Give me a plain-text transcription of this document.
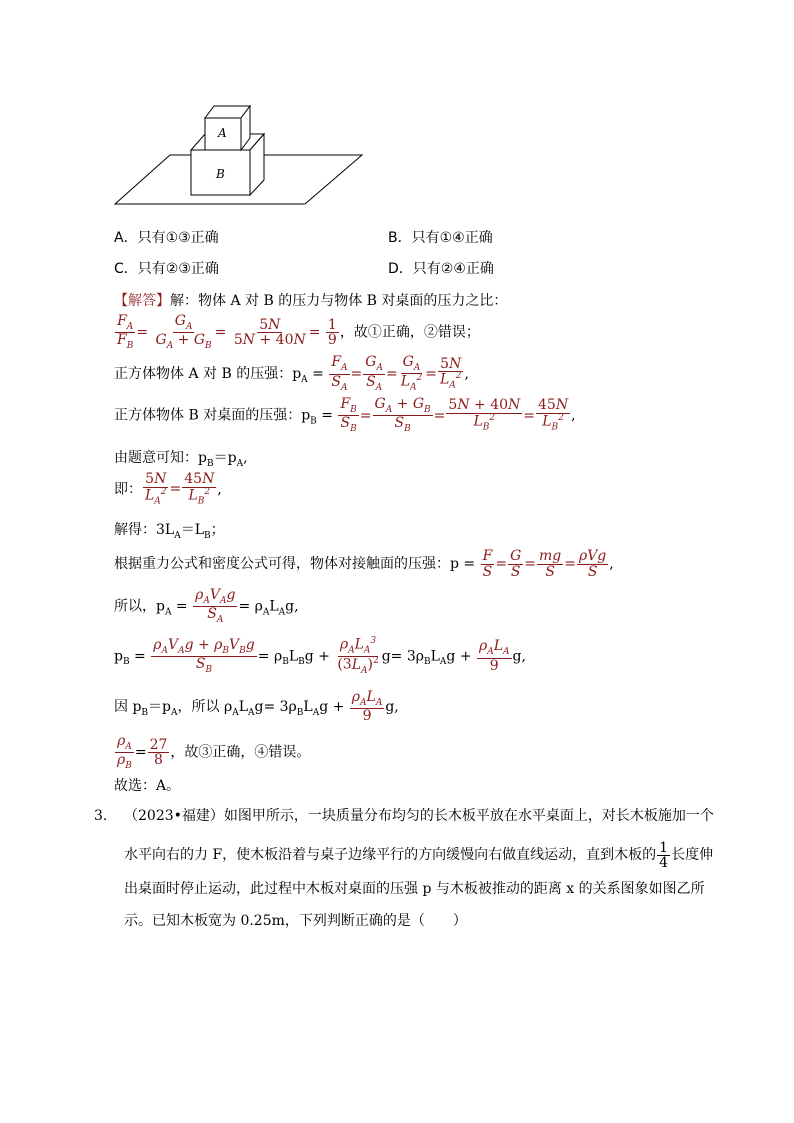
A
B
A．只有①③正确	B．只有①④正确
C．只有②③正确	D．只有②④正确
【解答】解：物体 A 对 B 的压力与物体 B 对桌面的压力之比：
$\frac{F_A}{F_B} = \frac{G_A}{G_A + G_B} = \frac{5N}{5N + 40N} = \frac{1}{9}$ ，故①正确，②错误；
正方体物体 A 对 B 的压强：$p_A = \frac{F_A}{S_A} = \frac{G_A}{S_A} = \frac{G_A}{L_A^2} = \frac{5N}{L_A^2}$ ,
正方体物体 B 对桌面的压强：$p_B = \frac{F_B}{S_B} = \frac{G_A + G_B}{S_B} = \frac{5N + 40N}{L_B^2} = \frac{45N}{L_B^2}$ ,
由题意可知：$p_B=p_A$,
即： $\frac{5N}{L_A^2} = \frac{45N}{L_B^2}$ ,
解得：$3L_A=L_B$；
根据重力公式和密度公式可得，物体对接触面的压强：$p = \frac{F}{S} = \frac{G}{S} = \frac{mg}{S} = \frac{\text{ρVg}}{S}$ ,
所以，$p_A = \frac{\rho_AV_Ag}{S_A} = \rho_AL_Ag$,
$p_B = \frac{\rho_AV_Ag + \rho_BV_Bg}{S_B} = \rho_BL_Bg + \frac{\rho_AL_A^3}{(3L_A)^2} g= 3\rho_BL_Ag + \frac{\rho_AL_A}{9} g$,
因 $p_B=p_A$，所以 $\rho_AL_Ag= 3\rho_BL_Ag + \frac{\rho_AL_A}{9} g$,
$\frac{\rho_A}{\rho_B} = \frac{27}{8}$ ，故③正确，④错误。
故选：A。
3. （2023•福建）如图甲所示，一块质量分布均匀的长木板平放在水平桌面上，对长木板施加一个
水平向右的力 F，使木板沿着与桌子边缘平行的方向缓慢向右做直线运动，直到木板的 $\frac{1}{4}$ 长度伸
出桌面时停止运动，此过程中木板对桌面的压强 p 与木板被推动的距离 x 的关系图象如图乙所
示。已知木板宽为 0.25m，下列判断正确的是（　　）
